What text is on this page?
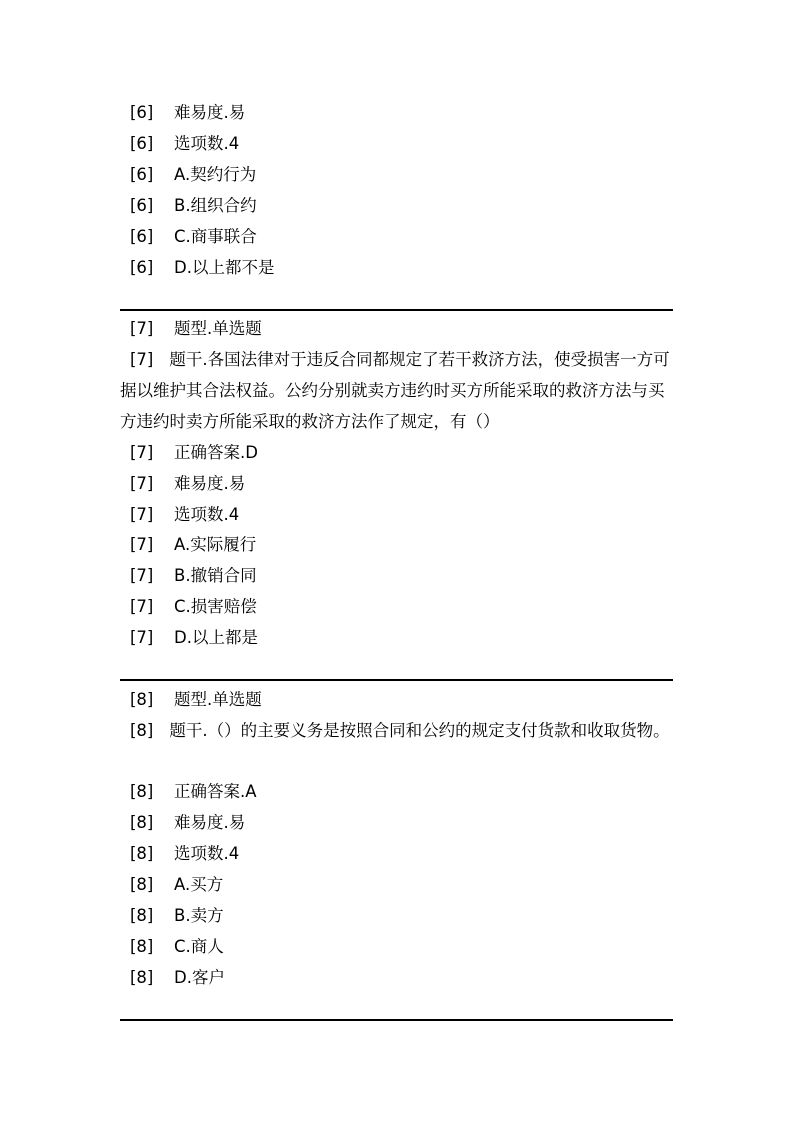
[6] 难易度.易
[6] 选项数.4
[6] A.契约行为
[6] B.组织合约
[6] C.商事联合
[6] D.以上都不是
[7] 题型.单选题
[7] 题干.各国法律对于违反合同都规定了若干救济方法，使受损害一方可据以维护其合法权益。公约分别就卖方违约时买方所能采取的救济方法与买方违约时卖方所能采取的救济方法作了规定，有（）
[7] 正确答案.D
[7] 难易度.易
[7] 选项数.4
[7] A.实际履行
[7] B.撤销合同
[7] C.损害赔偿
[7] D.以上都是
[8] 题型.单选题
[8] 题干.（）的主要义务是按照合同和公约的规定支付货款和收取货物。
[8] 正确答案.A
[8] 难易度.易
[8] 选项数.4
[8] A.买方
[8] B.卖方
[8] C.商人
[8] D.客户
